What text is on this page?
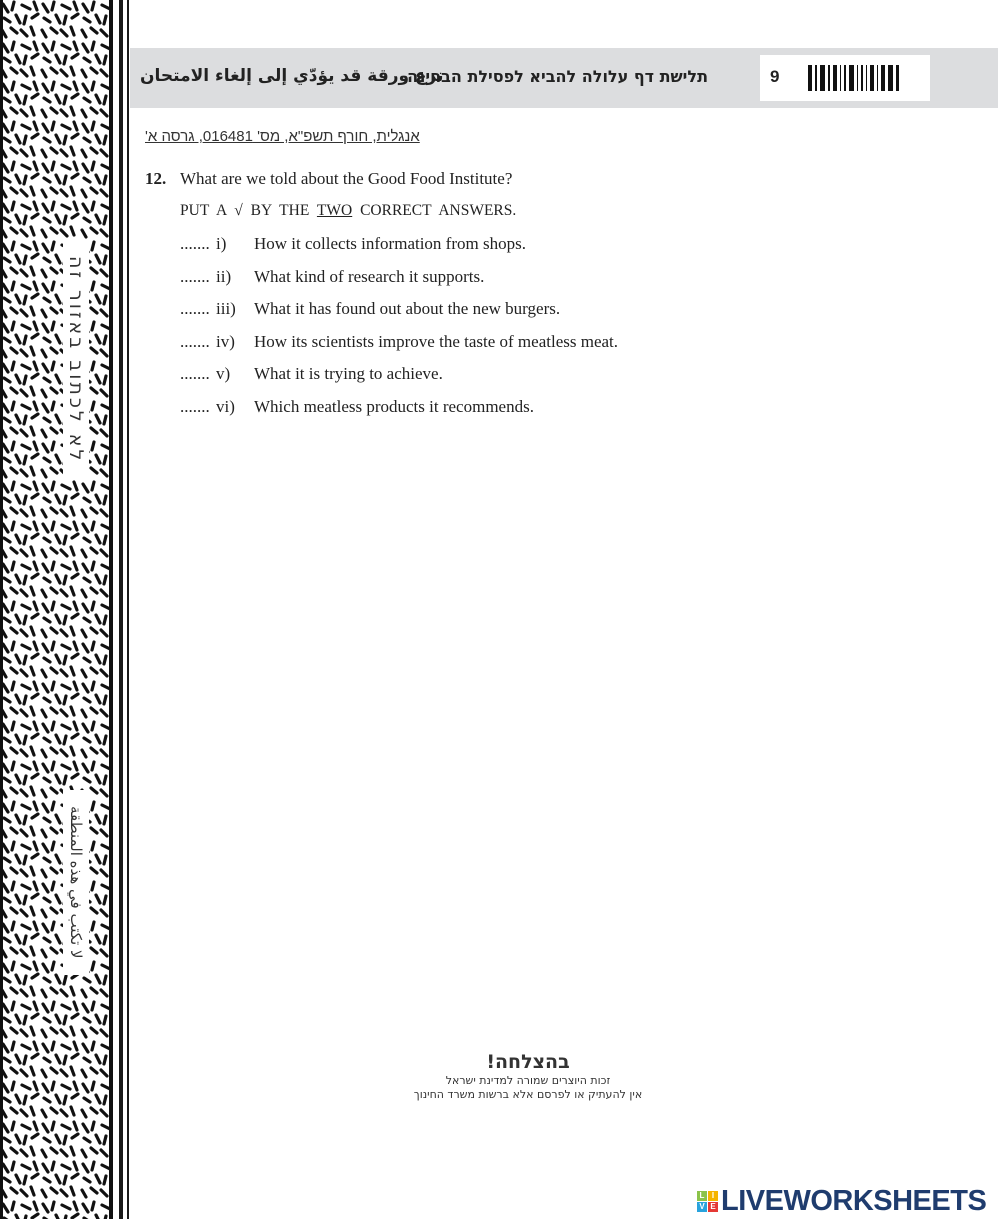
לא לכתוב באזור זה
لا تكتب في هذه المنطقة
نزع ورقة قد يؤدّي إلى إلغاء الامتحان
תלישת דף עלולה להביא לפסילת הבחינה	9
אנגלית, חורף תשפ"א, מס' 016481, גרסה א'
12. What are we told about the Good Food Institute?
PUT A √ BY THE TWO CORRECT ANSWERS.
....... i) How it collects information from shops.
....... ii) What kind of research it supports.
....... iii) What it has found out about the new burgers.
....... iv) How its scientists improve the taste of meatless meat.
....... v) What it is trying to achieve.
....... vi) Which meatless products it recommends.
בהצלחה!
זכות היוצרים שמורה למדינת ישראל
אין להעתיק או לפרסם אלא ברשות משרד החינוך
L I
V E LIVEWORKSHEETS
